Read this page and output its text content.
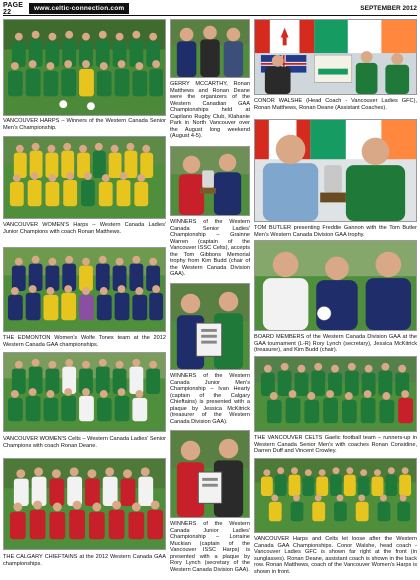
PAGE 22	www.celtic-connection.com	SEPTEMBER 2012

VANCOUVER HARPS – Winners of the Western Canada Senior Men's Championship.

VANCOUVER WOMEN'S Harps – Western Canada Ladies' Junior Champions with coach Ronan Matthews.

THE EDMONTON Women's Wolfe Tones team at the 2012 Western Canada GAA championships.

VANCOUVER WOMEN'S Celts – Western Canada Ladies' Senior Champions with coach Ronan Deane.

THE CALGARY CHIEFTAINS at the 2012 Western Canada GAA championships.

GERRY MCCARTHY, Ronan Matthews and Ronan Deane were the organizers of the Western Canadian GAA Championships held at Capilano Rugby Club, Klahanie Park in North Vancouver over the August long weekend (August 4-5).

WINNERS of the Western Canada Senior Ladies' Championship – Grainne Warren (captain of the Vancouver ISSC Celts), accepts the Tom Gibbons Memorial trophy from Kim Budd (chair of the Western Canada Division GAA).

WINNERS of the Western Canada Junior Men's Championship – Ivan Hearty (captain of the Calgary Chieftains) is presented with a plaque by Jessica McKitrick (treasurer of the Western Canada Division GAA).

WINNERS of the Western Canada Junior Ladies' Championship – Lorraine Muckian (captain of the Vancouver ISSC Harps) is presented with a plaque by Rory Lynch (secretary of the Western Canada Division GAA).

CONOR WALSHE (Head Coach - Vancouver Ladies GFC), Ronan Matthews, Ronan Deane (Assistant Coaches).

TOM BUTLER presenting Freddie Gannon with the Tom Butler Men's Western Canada Division GAA trophy.

BOARD MEMBERS of the Western Canada Division GAA at the GAA tournament (L-R) Rory Lynch (secretary), Jessica McKitrick (treasurer), and Kim Budd (chair).

THE VANCOUVER CELTS Gaelic football team – runners-up in Western Canada Senior Men's with coaches Ronan Considine, Darren Duff and Vincent Crowley.

VANCOUVER Harps and Celts let loose after the Western Canada GAA Championships. Conor Walshe, head coach - Vancouver Ladies GFC is shown far right at the front (in sunglasses). Ronan Deane, assistant coach is shown in the back row. Ronan Matthews, coach of the Vancouver Women's Harps is shown in front.
